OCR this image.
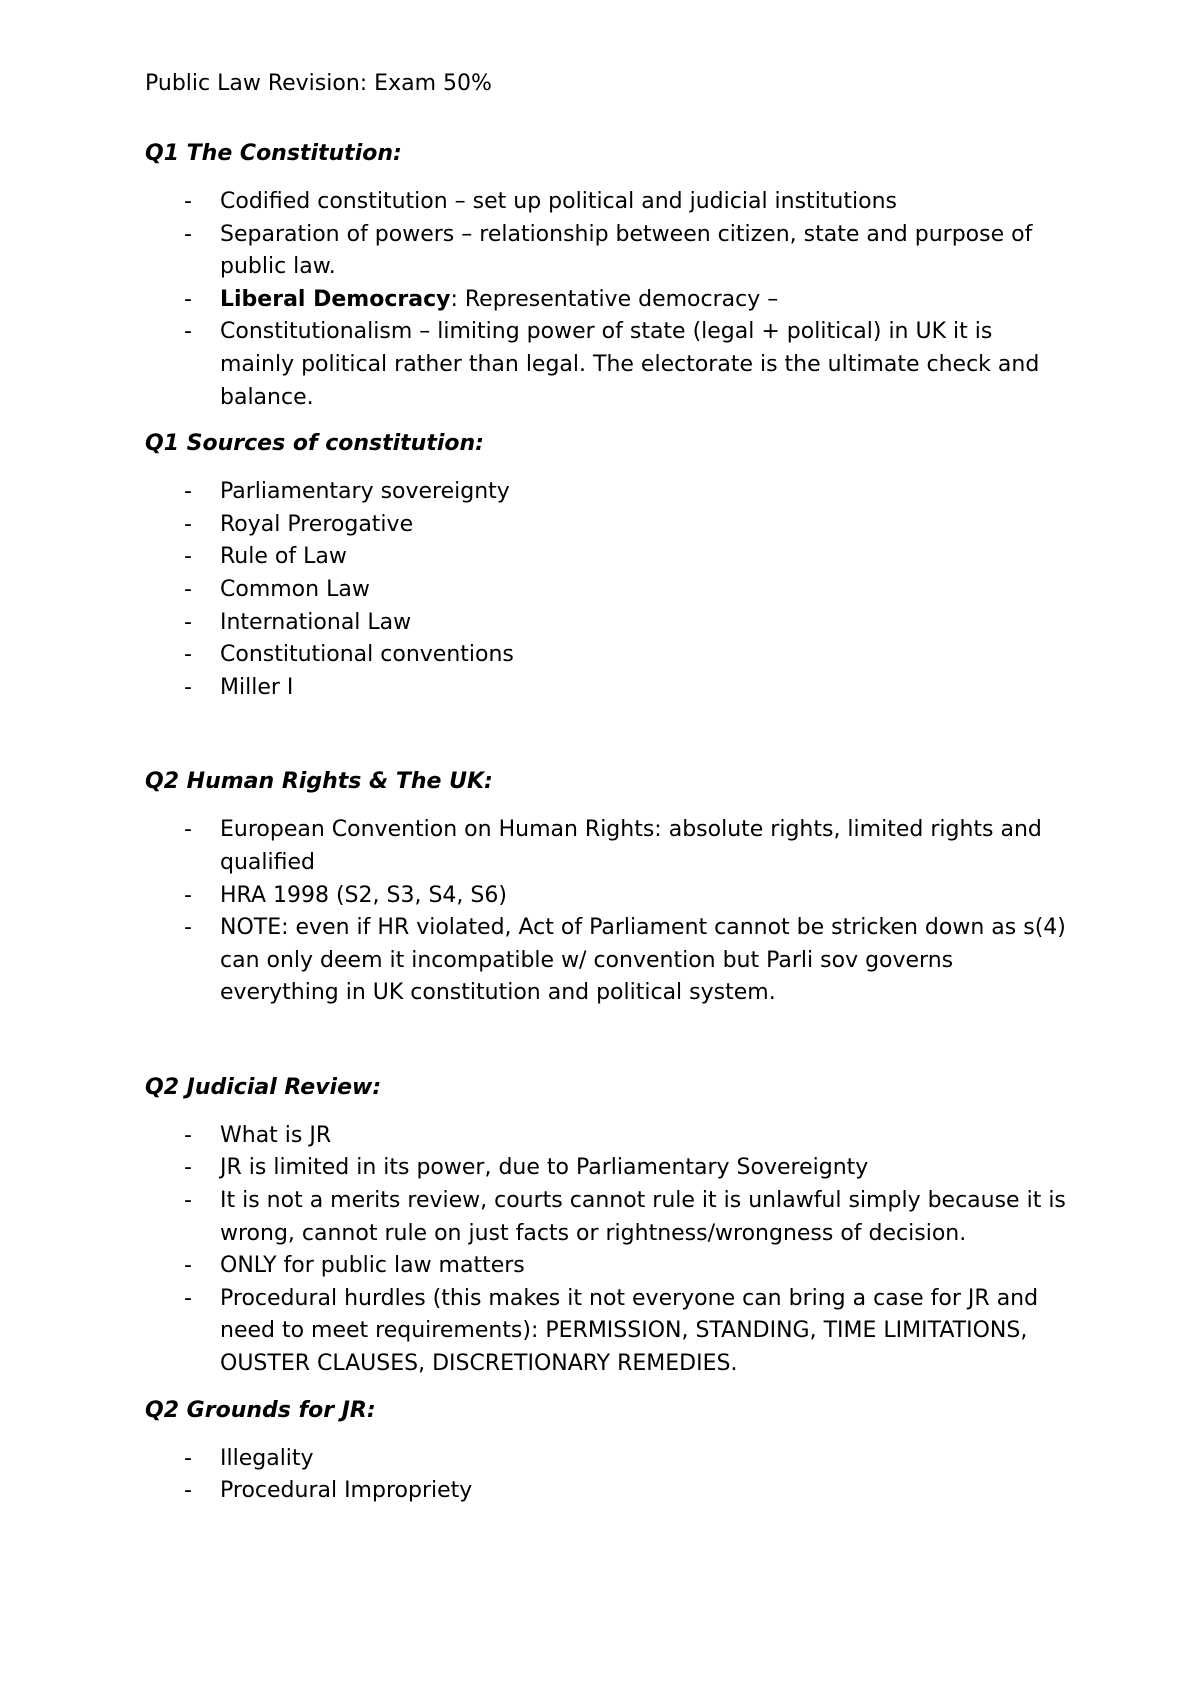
Public Law Revision: Exam 50%
Q1 The Constitution:
- Codified constitution – set up political and judicial institutions
- Separation of powers – relationship between citizen, state and purpose of public law.
- Liberal Democracy: Representative democracy –
- Constitutionalism – limiting power of state (legal + political) in UK it is mainly political rather than legal. The electorate is the ultimate check and balance.
Q1 Sources of constitution:
- Parliamentary sovereignty
- Royal Prerogative
- Rule of Law
- Common Law
- International Law
- Constitutional conventions
- Miller I
Q2 Human Rights & The UK:
- European Convention on Human Rights: absolute rights, limited rights and qualified
- HRA 1998 (S2, S3, S4, S6)
- NOTE: even if HR violated, Act of Parliament cannot be stricken down as s(4) can only deem it incompatible w/ convention but Parli sov governs everything in UK constitution and political system.
Q2 Judicial Review:
- What is JR
- JR is limited in its power, due to Parliamentary Sovereignty
- It is not a merits review, courts cannot rule it is unlawful simply because it is wrong, cannot rule on just facts or rightness/wrongness of decision.
- ONLY for public law matters
- Procedural hurdles (this makes it not everyone can bring a case for JR and need to meet requirements): PERMISSION, STANDING, TIME LIMITATIONS, OUSTER CLAUSES, DISCRETIONARY REMEDIES.
Q2 Grounds for JR:
- Illegality
- Procedural Impropriety
